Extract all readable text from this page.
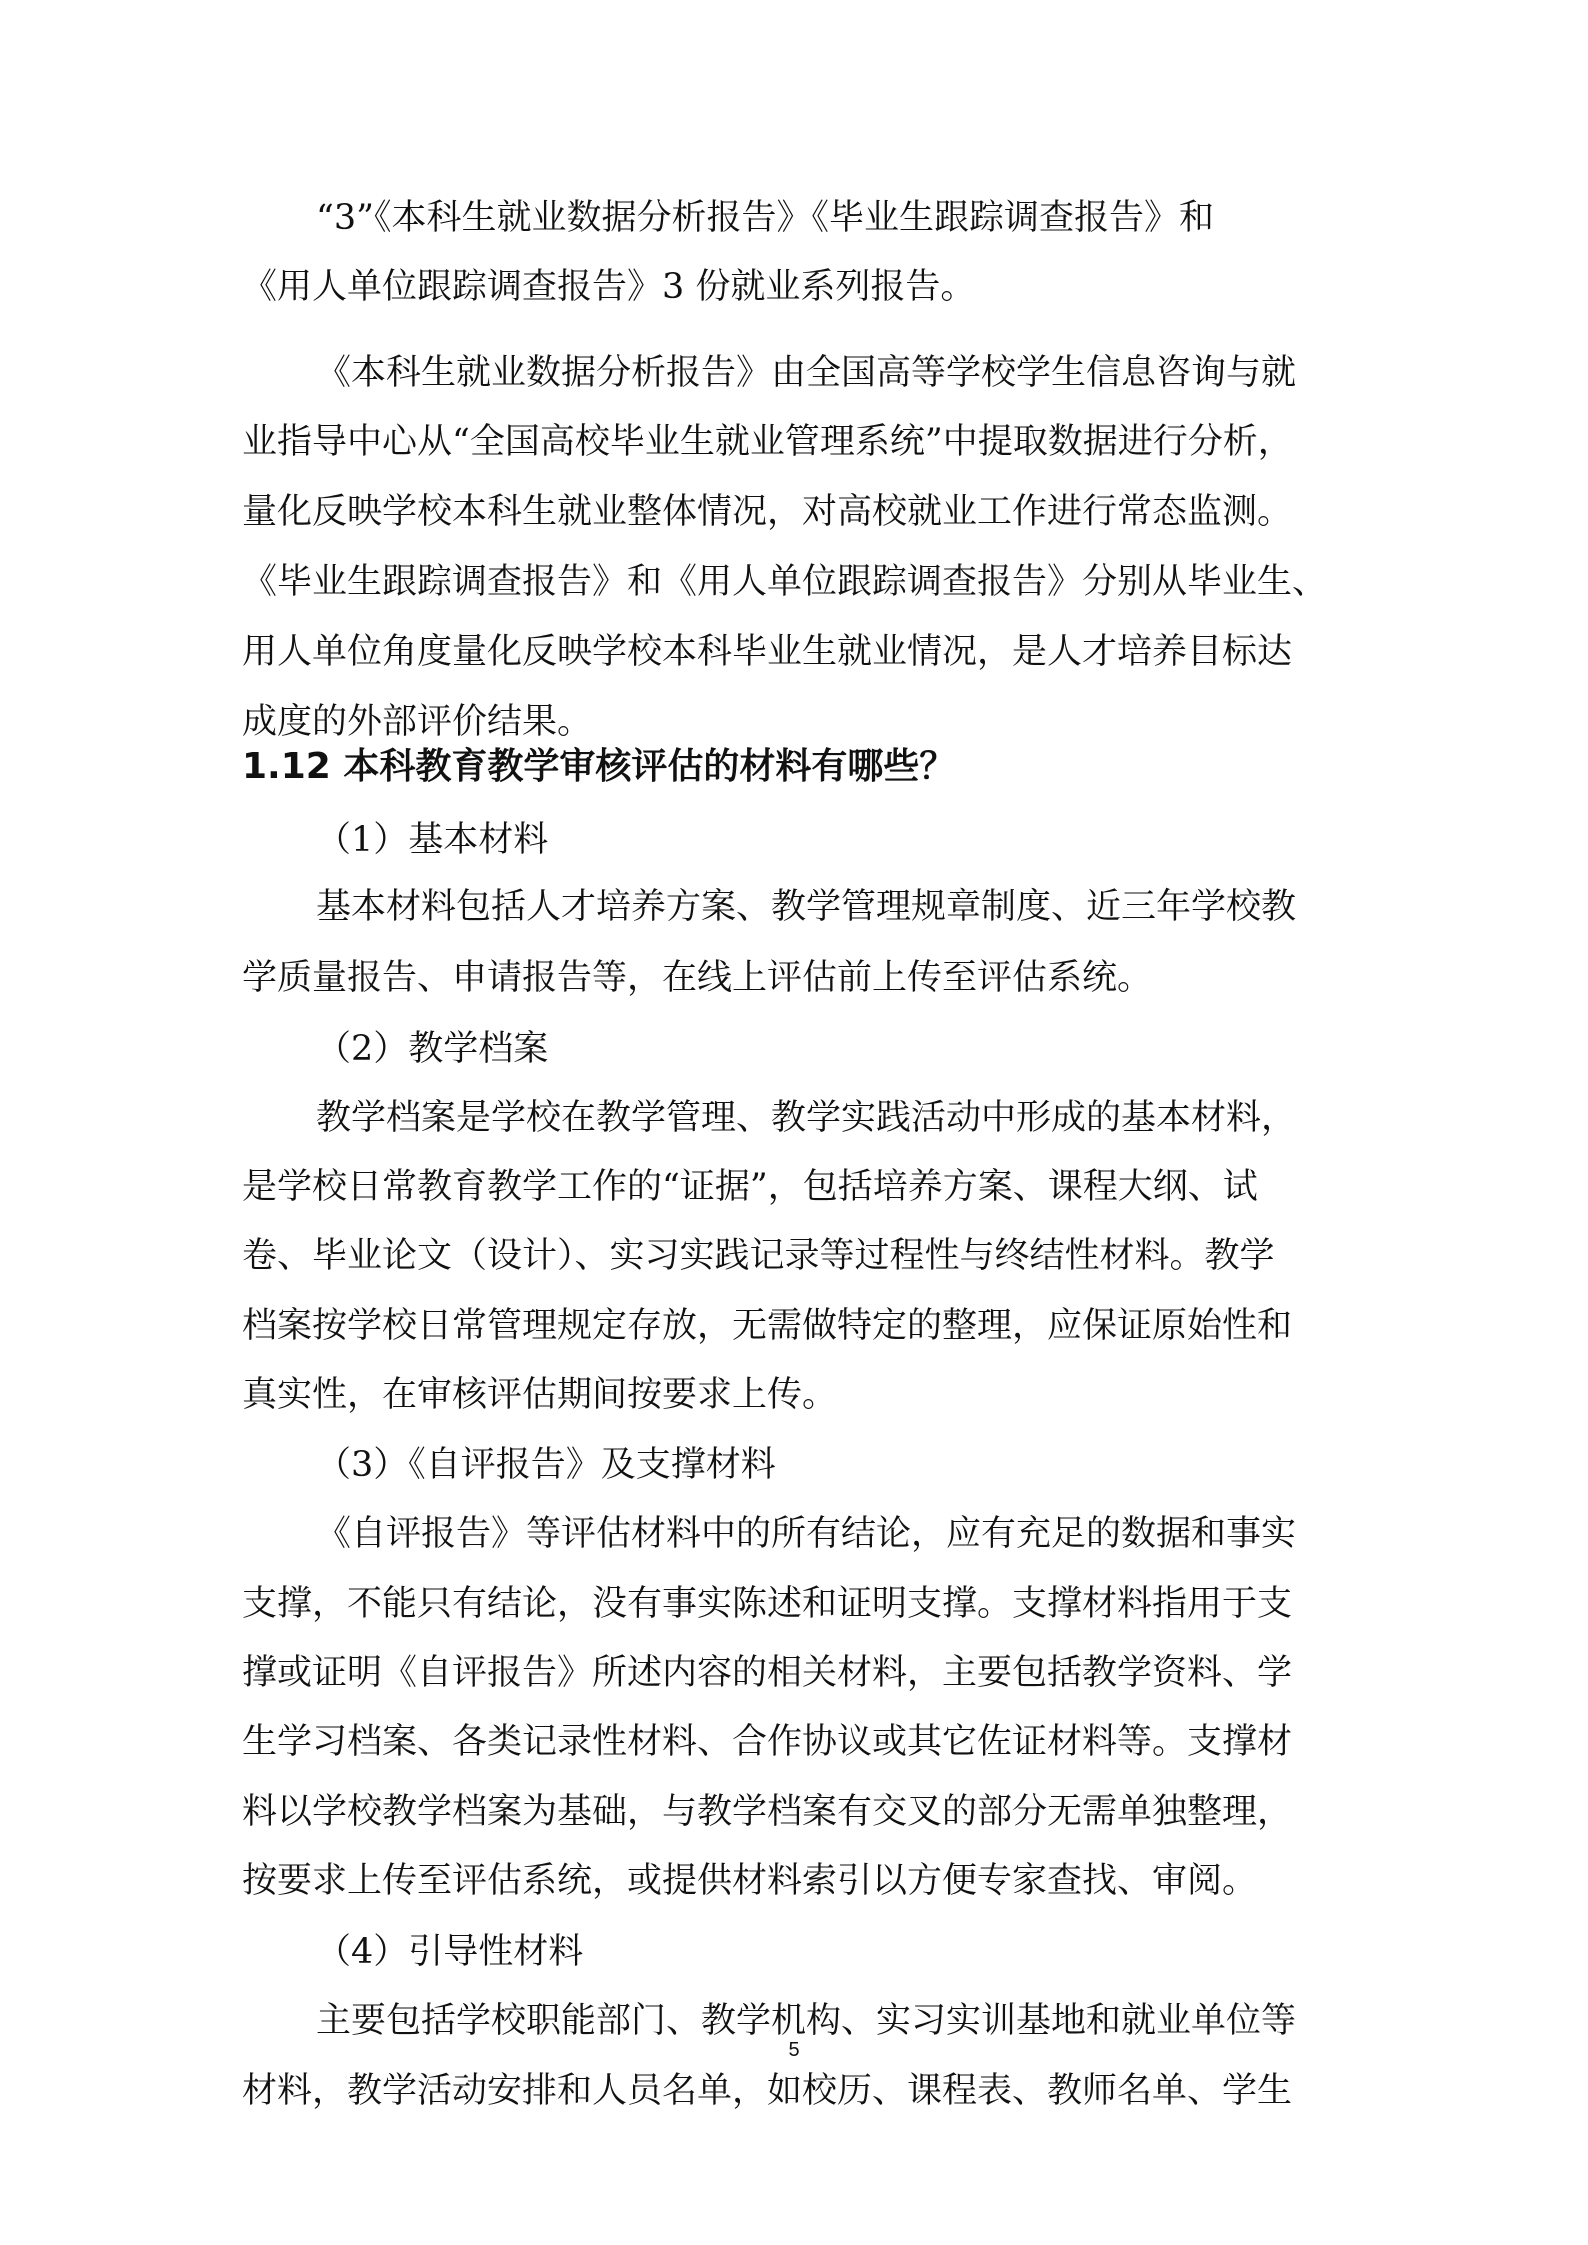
“3”《本科生就业数据分析报告》《毕业生跟踪调查报告》和
《用人单位跟踪调查报告》3 份就业系列报告。
《本科生就业数据分析报告》由全国高等学校学生信息咨询与就
业指导中心从“全国高校毕业生就业管理系统”中提取数据进行分析，
量化反映学校本科生就业整体情况，对高校就业工作进行常态监测。
《毕业生跟踪调查报告》和《用人单位跟踪调查报告》分别从毕业生、
用人单位角度量化反映学校本科毕业生就业情况，是人才培养目标达
成度的外部评价结果。
1.12 本科教育教学审核评估的材料有哪些？
（1）基本材料
基本材料包括人才培养方案、教学管理规章制度、近三年学校教
学质量报告、申请报告等，在线上评估前上传至评估系统。
（2）教学档案
教学档案是学校在教学管理、教学实践活动中形成的基本材料，
是学校日常教育教学工作的“证据”，包括培养方案、课程大纲、试
卷、毕业论文（设计）、实习实践记录等过程性与终结性材料。教学
档案按学校日常管理规定存放，无需做特定的整理，应保证原始性和
真实性，在审核评估期间按要求上传。
（3）《自评报告》及支撑材料
《自评报告》等评估材料中的所有结论，应有充足的数据和事实
支撑，不能只有结论，没有事实陈述和证明支撑。支撑材料指用于支
撑或证明《自评报告》所述内容的相关材料，主要包括教学资料、学
生学习档案、各类记录性材料、合作协议或其它佐证材料等。支撑材
料以学校教学档案为基础，与教学档案有交叉的部分无需单独整理，
按要求上传至评估系统，或提供材料索引以方便专家查找、审阅。
（4）引导性材料
主要包括学校职能部门、教学机构、实习实训基地和就业单位等
材料，教学活动安排和人员名单，如校历、课程表、教师名单、学生
5
